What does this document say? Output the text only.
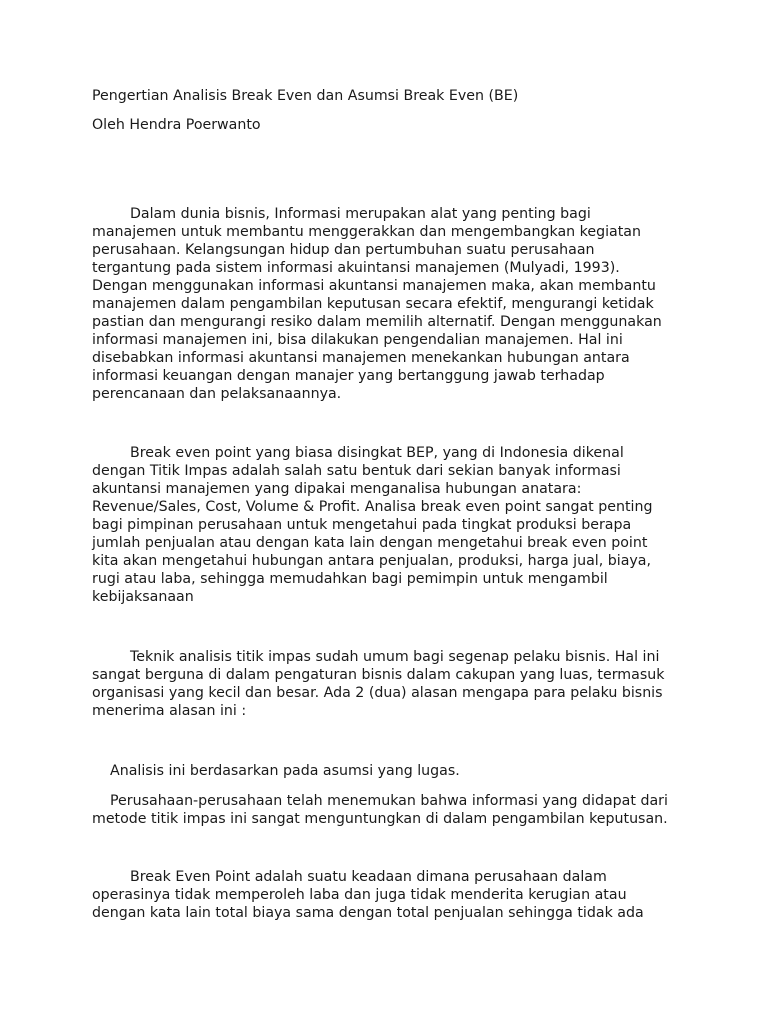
Pengertian Analisis Break Even dan Asumsi Break Even (BE)
Oleh Hendra Poerwanto
Dalam dunia bisnis, Informasi merupakan alat yang penting bagi
manajemen untuk membantu menggerakkan dan mengembangkan kegiatan
perusahaan. Kelangsungan hidup dan pertumbuhan suatu perusahaan
tergantung pada sistem informasi akuintansi manajemen (Mulyadi, 1993).
Dengan menggunakan informasi akuntansi manajemen maka, akan membantu
manajemen dalam pengambilan keputusan secara efektif, mengurangi ketidak
pastian dan mengurangi resiko dalam memilih alternatif. Dengan menggunakan
informasi manajemen ini, bisa dilakukan pengendalian manajemen. Hal ini
disebabkan informasi akuntansi manajemen menekankan hubungan antara
informasi keuangan dengan manajer yang bertanggung jawab terhadap
perencanaan dan pelaksanaannya.
Break even point yang biasa disingkat BEP, yang di Indonesia dikenal
dengan Titik Impas adalah salah satu bentuk dari sekian banyak informasi
akuntansi manajemen yang dipakai menganalisa hubungan anatara:
Revenue/Sales, Cost, Volume & Profit. Analisa break even point sangat penting
bagi pimpinan perusahaan untuk mengetahui pada tingkat produksi berapa
jumlah penjualan atau dengan kata lain dengan mengetahui break even point
kita akan mengetahui hubungan antara penjualan, produksi, harga jual, biaya,
rugi atau laba, sehingga memudahkan bagi pemimpin untuk mengambil
kebijaksanaan
Teknik analisis titik impas sudah umum bagi segenap pelaku bisnis. Hal ini
sangat berguna di dalam pengaturan bisnis dalam cakupan yang luas, termasuk
organisasi yang kecil dan besar. Ada 2 (dua) alasan mengapa para pelaku bisnis
menerima alasan ini :
Analisis ini berdasarkan pada asumsi yang lugas.
Perusahaan-perusahaan telah menemukan bahwa informasi yang didapat dari
metode titik impas ini sangat menguntungkan di dalam pengambilan keputusan.
Break Even Point adalah suatu keadaan dimana perusahaan dalam
operasinya tidak memperoleh laba dan juga tidak menderita kerugian atau
dengan kata lain total biaya sama dengan total penjualan sehingga tidak ada
